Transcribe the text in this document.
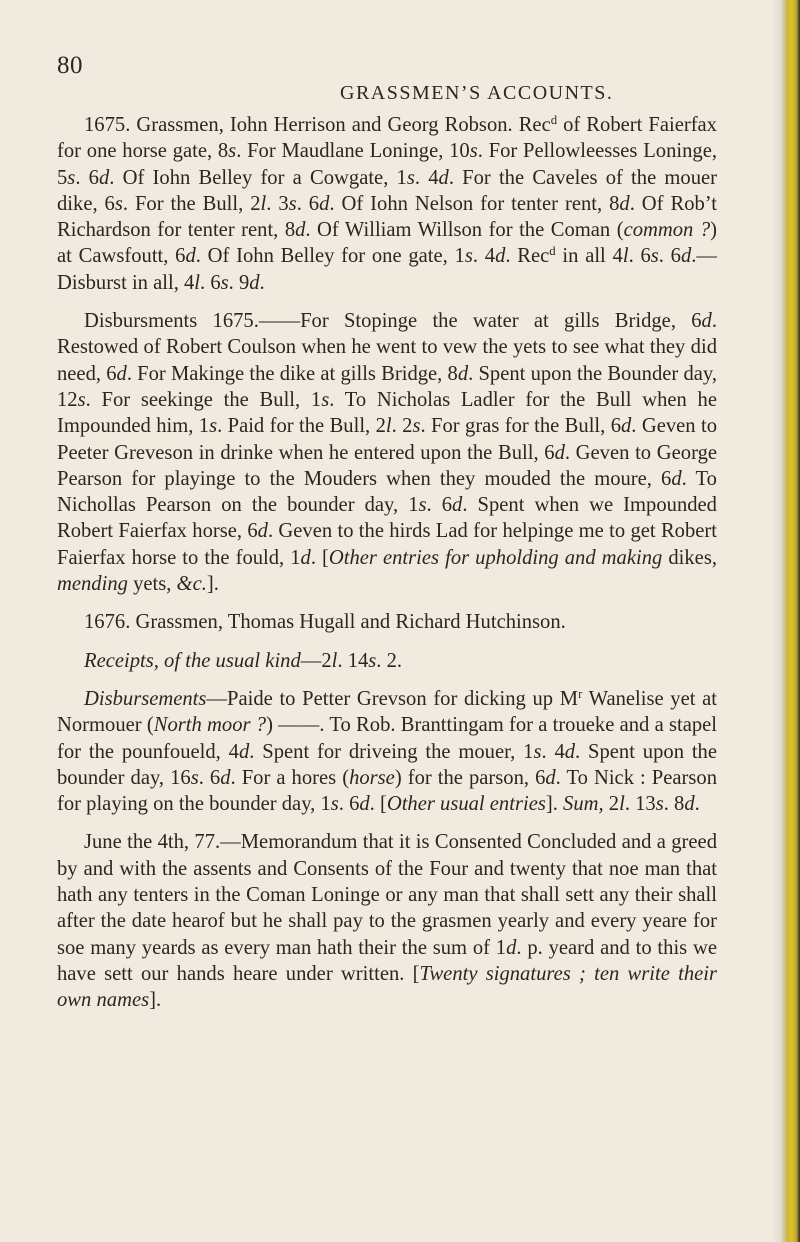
80
GRASSMEN’S ACCOUNTS.

1675. Grassmen, Iohn Herrison and Georg Robson. Rec$^d$ of Robert Faierfax for one horse gate, 8s. For Maudlane Loninge, 10s. For Pellowleesses Loninge, 5s. 6d. Of Iohn Belley for a Cowgate, 1s. 4d. For the Caveles of the mouer dike, 6s. For the Bull, 2l. 3s. 6d. Of Iohn Nelson for tenter rent, 8d. Of Rob’t Richardson for tenter rent, 8d. Of William Willson for the Coman (common ?) at Cawsfoutt, 6d. Of Iohn Belley for one gate, 1s. 4d. Rec$^d$ in all 4l. 6s. 6d.—Disburst in all, 4l. 6s. 9d.

Disbursments 1675.——For Stopinge the water at gills Bridge, 6d. Restowed of Robert Coulson when he went to vew the yets to see what they did need, 6d. For Makinge the dike at gills Bridge, 8d. Spent upon the Bounder day, 12s. For seekinge the Bull, 1s. To Nicholas Ladler for the Bull when he Impounded him, 1s. Paid for the Bull, 2l. 2s. For gras for the Bull, 6d. Geven to Peeter Greveson in drinke when he entered upon the Bull, 6d. Geven to George Pearson for playinge to the Mouders when they mouded the moure, 6d. To Nichollas Pearson on the bounder day, 1s. 6d. Spent when we Impounded Robert Faierfax horse, 6d. Geven to the hirds Lad for helpinge me to get Robert Faierfax horse to the fould, 1d. [Other entries for upholding and making dikes, mending yets, &c.].

1676. Grassmen, Thomas Hugall and Richard Hutchinson.

Receipts, of the usual kind—2l. 14s. 2.

Disbursements—Paide to Petter Grevson for dicking up $M^r$ Wanelise yet at Normouer (North moor ?) ——. To Rob. Branttingam for a troueke and a stapel for the pounfoueld, 4d. Spent for driveing the mouer, 1s. 4d. Spent upon the bounder day, 16s. 6d. For a hores (horse) for the parson, 6d. To Nick : Pearson for playing on the bounder day, 1s. 6d. [Other usual entries]. Sum, 2l. 13s. 8d.

June the 4th, 77.—Memorandum that it is Consented Concluded and a greed by and with the assents and Consents of the Four and twenty that noe man that hath any tenters in the Coman Loninge or any man that shall sett any their shall after the date hearof but he shall pay to the grasmen yearly and every yeare for soe many yeards as every man hath their the sum of 1d. p. yeard and to this we have sett our hands heare under written. [Twenty signatures ; ten write their own names].
